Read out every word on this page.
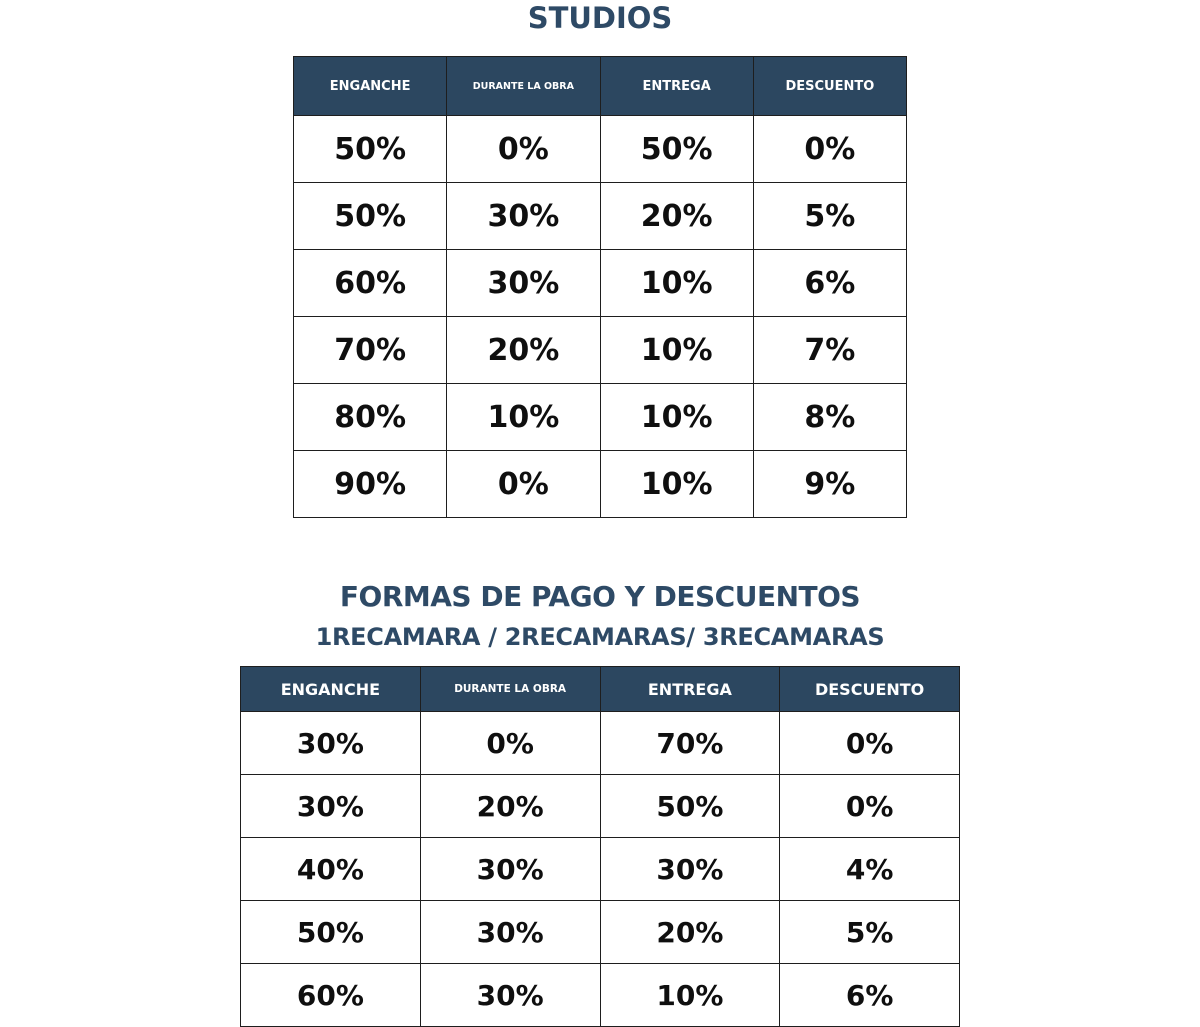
STUDIOS
ENGANCHE	DURANTE LA OBRA	ENTREGA	DESCUENTO
50%	0%	50%	0%
50%	30%	20%	5%
60%	30%	10%	6%
70%	20%	10%	7%
80%	10%	10%	8%
90%	0%	10%	9%
FORMAS DE PAGO Y DESCUENTOS
1RECAMARA / 2RECAMARAS/ 3RECAMARAS
ENGANCHE	DURANTE LA OBRA	ENTREGA	DESCUENTO
30%	0%	70%	0%
30%	20%	50%	0%
40%	30%	30%	4%
50%	30%	20%	5%
60%	30%	10%	6%
